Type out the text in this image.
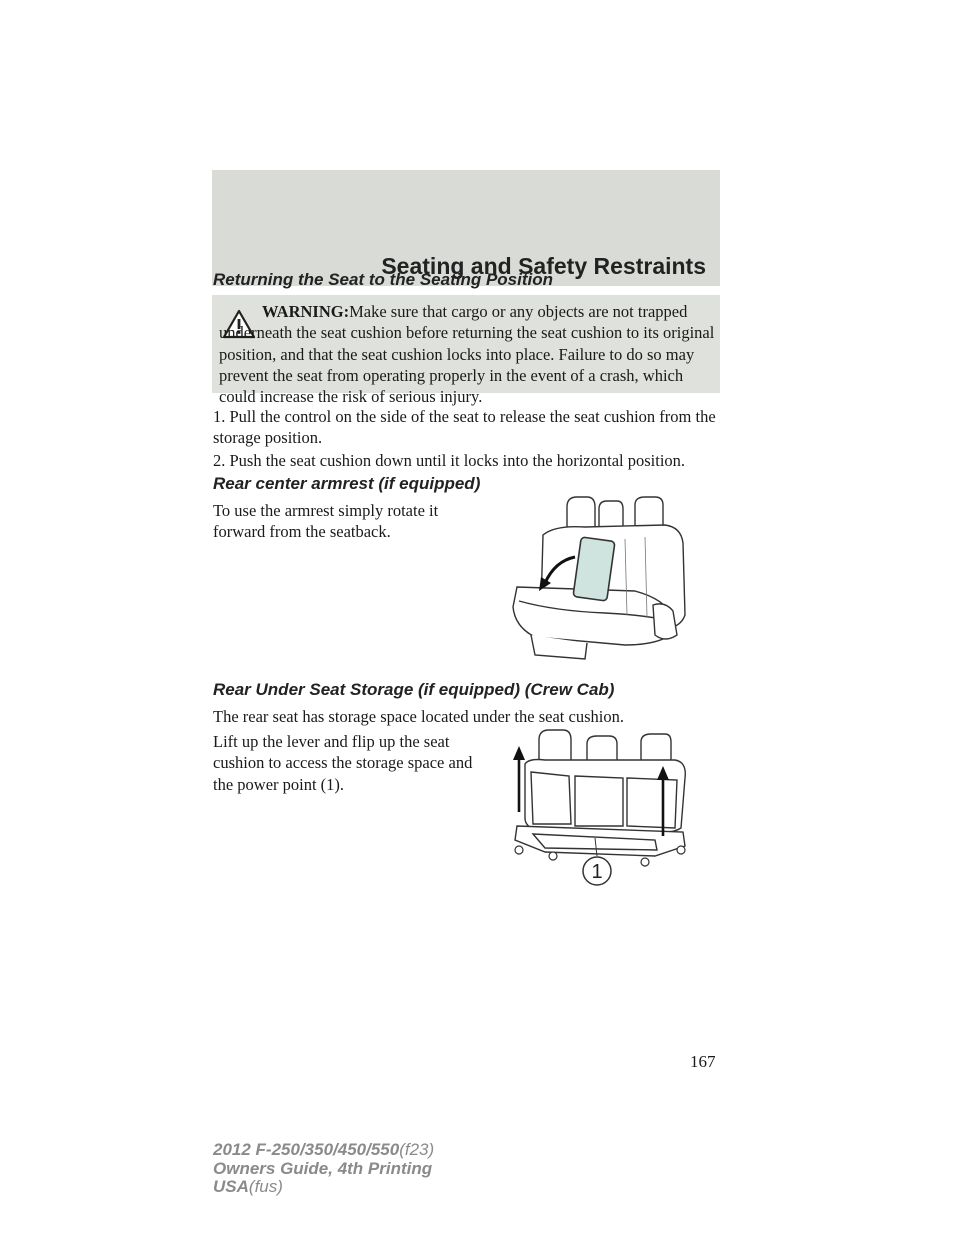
Seating and Safety Restraints
Returning the Seat to the Seating Position
WARNING:Make sure that cargo or any objects are not trapped underneath the seat cushion before returning the seat cushion to its original position, and that the seat cushion locks into place. Failure to do so may prevent the seat from operating properly in the event of a crash, which could increase the risk of serious injury.
1. Pull the control on the side of the seat to release the seat cushion from the storage position.
2. Push the seat cushion down until it locks into the horizontal position.
Rear center armrest (if equipped)
To use the armrest simply rotate it forward from the seatback.
Rear Under Seat Storage (if equipped) (Crew Cab)
The rear seat has storage space located under the seat cushion.
Lift up the lever and flip up the seat cushion to access the storage space and the power point (1).
1
167
2012 F-250/350/450/550(f23)
Owners Guide, 4th Printing
USA(fus)
